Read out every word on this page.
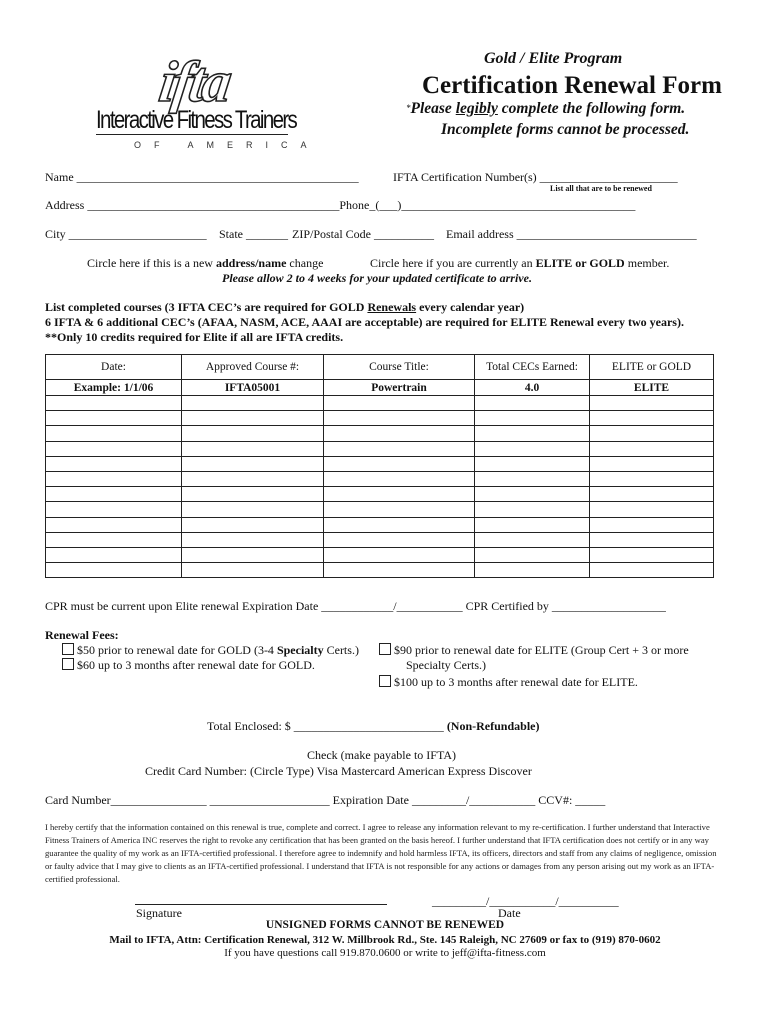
ifta
Interactive Fitness Trainers
OF AMERICA
Gold / Elite Program
Certification Renewal Form
*Please legibly complete the following form.
Incomplete forms cannot be processed.
Name _______________________________________________	IFTA Certification Number(s) _______________________
List all that are to be renewed
Address __________________________________________Phone_(___)_______________________________________
City _______________________ State _______ ZIP/Postal Code __________ Email address ______________________________
Circle here if this is a new address/name change	Circle here if you are currently an ELITE or GOLD member.
Please allow 2 to 4 weeks for your updated certificate to arrive.
List completed courses (3 IFTA CEC’s are required for GOLD Renewals every calendar year)
6 IFTA & 6 additional CEC’s (AFAA, NASM, ACE, AAAI are acceptable) are required for ELITE Renewal every two years).
**Only 10 credits required for Elite if all are IFTA credits.
Date:	Approved Course #:	Course Title:	Total CECs Earned:	ELITE or GOLD
Example: 1/1/06	IFTA05001	Powertrain	4.0	ELITE

CPR must be current upon Elite renewal Expiration Date ____________/___________ CPR Certified by ___________________
Renewal Fees:
$50 prior to renewal date for GOLD (3-4 Specialty Certs.)
$60 up to 3 months after renewal date for GOLD.
$90 prior to renewal date for ELITE (Group Cert + 3 or more
Specialty Certs.)
$100 up to 3 months after renewal date for ELITE.
Total Enclosed: $ _________________________ (Non-Refundable)
Check (make payable to IFTA)
Credit Card Number: (Circle Type) Visa Mastercard American Express Discover
Card Number________________ ____________________ Expiration Date _________/___________ CCV#: _____
I hereby certify that the information contained on this renewal is true, complete and correct. I agree to release any information relevant to my re-certification. I further understand that Interactive Fitness Trainers of America INC reserves the right to revoke any certification that has been granted on the basis hereof. I further understand that IFTA certification does not certify or in any way guarantee the quality of my work as an IFTA-certified professional. I therefore agree to indemnify and hold harmless IFTA, its officers, directors and staff from any claims of negligence, omission or faulty advice that I may give to clients as an IFTA-certified professional. I understand that IFTA is not responsible for any actions or damages from any person arising out my work as an IFTA-certified professional.
_________/___________/__________
Signature	Date
UNSIGNED FORMS CANNOT BE RENEWED
Mail to IFTA, Attn: Certification Renewal, 312 W. Millbrook Rd., Ste. 145 Raleigh, NC 27609 or fax to (919) 870-0602
If you have questions call 919.870.0600 or write to jeff@ifta-fitness.com
